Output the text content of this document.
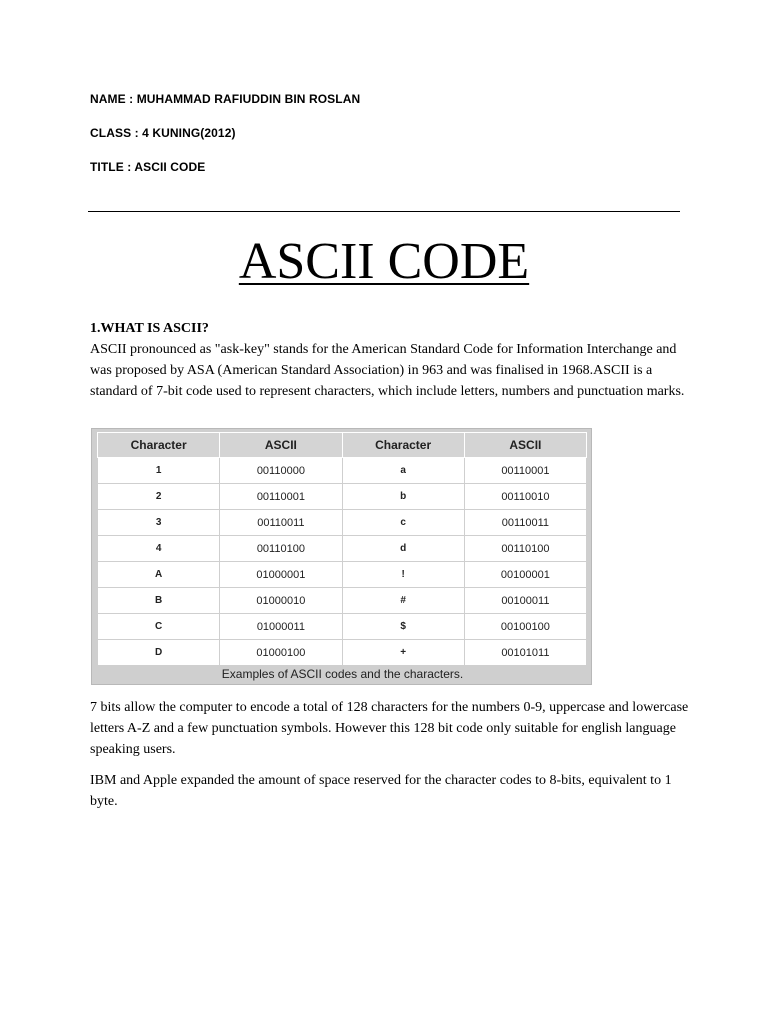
NAME : MUHAMMAD RAFIUDDIN BIN ROSLAN
CLASS : 4 KUNING(2012)
TITLE : ASCII CODE
ASCII CODE
1.WHAT IS ASCII?
ASCII pronounced as "ask-key" stands for the American Standard Code for Information Interchange and was proposed by ASA (American Standard Association) in 963 and was finalised in 1968.ASCII is a standard of 7-bit code used to represent characters, which include letters, numbers and punctuation marks.
Character	ASCII	Character	ASCII
1	00110000	a	00110001
2	00110001	b	00110010
3	00110011	c	00110011
4	00110100	d	00110100
A	01000001	!	00100001
B	01000010	#	00100011
C	01000011	$	00100100
D	01000100	+	00101011
Examples of ASCII codes and the characters.
7 bits allow the computer to encode a total of 128 characters for the numbers 0-9, uppercase and lowercase letters A-Z and a few punctuation symbols. However this 128 bit code only suitable for english language speaking users.
IBM and Apple expanded the amount of space reserved for the character codes to 8-bits, equivalent to 1 byte.
